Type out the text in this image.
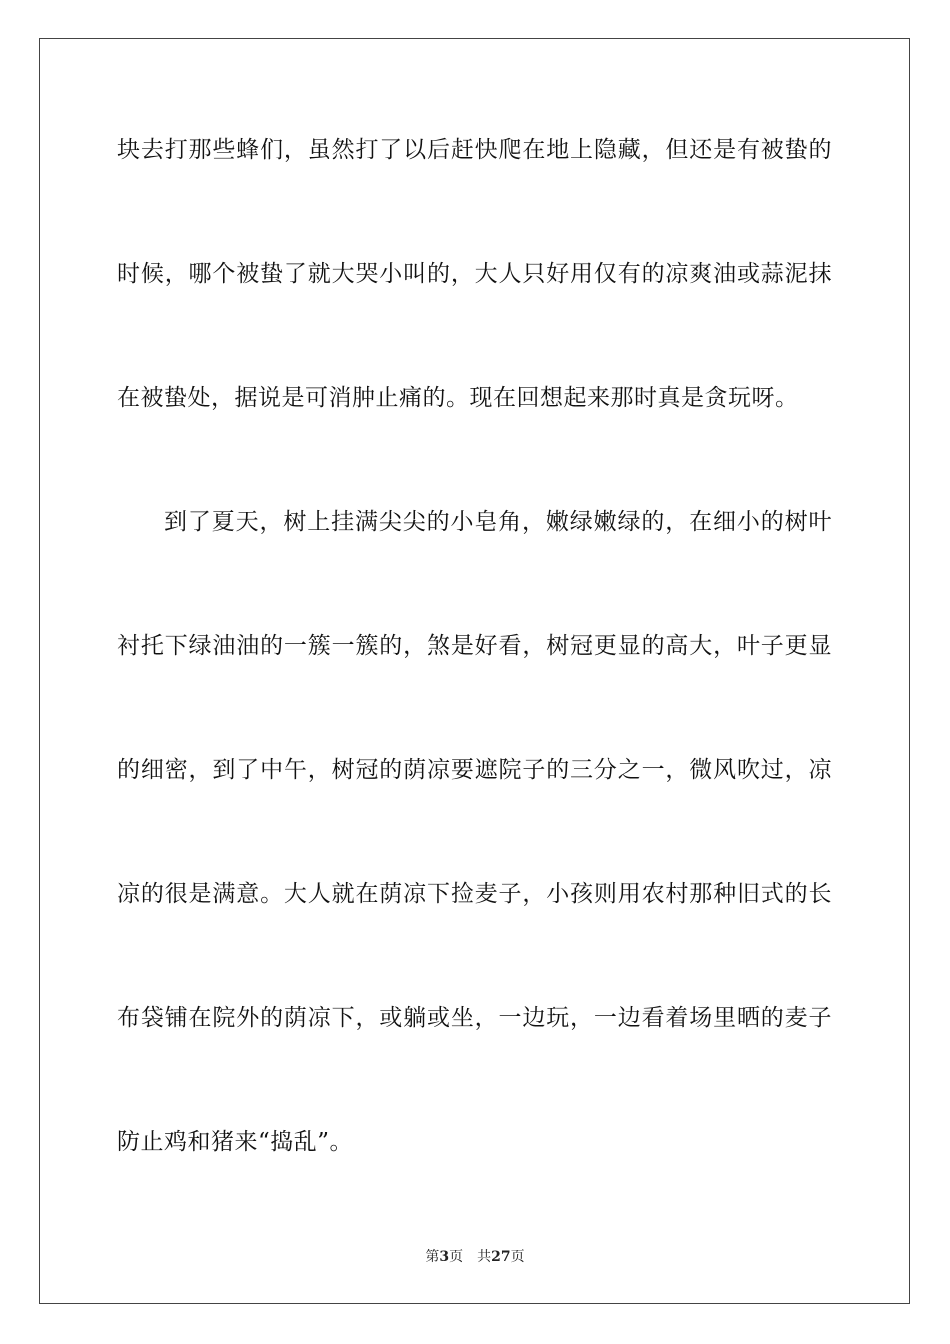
块去打那些蜂们，虽然打了以后赶快爬在地上隐藏，但还是有被蛰的
时候，哪个被蛰了就大哭小叫的，大人只好用仅有的凉爽油或蒜泥抹
在被蛰处，据说是可消肿止痛的。现在回想起来那时真是贪玩呀。
到了夏天，树上挂满尖尖的小皂角，嫩绿嫩绿的，在细小的树叶
衬托下绿油油的一簇一簇的，煞是好看，树冠更显的高大，叶子更显
的细密，到了中午，树冠的荫凉要遮院子的三分之一，微风吹过，凉
凉的很是满意。大人就在荫凉下捡麦子，小孩则用农村那种旧式的长
布袋铺在院外的荫凉下，或躺或坐，一边玩，一边看着场里晒的麦子
防止鸡和猪来“捣乱”。
第3页 共27页
